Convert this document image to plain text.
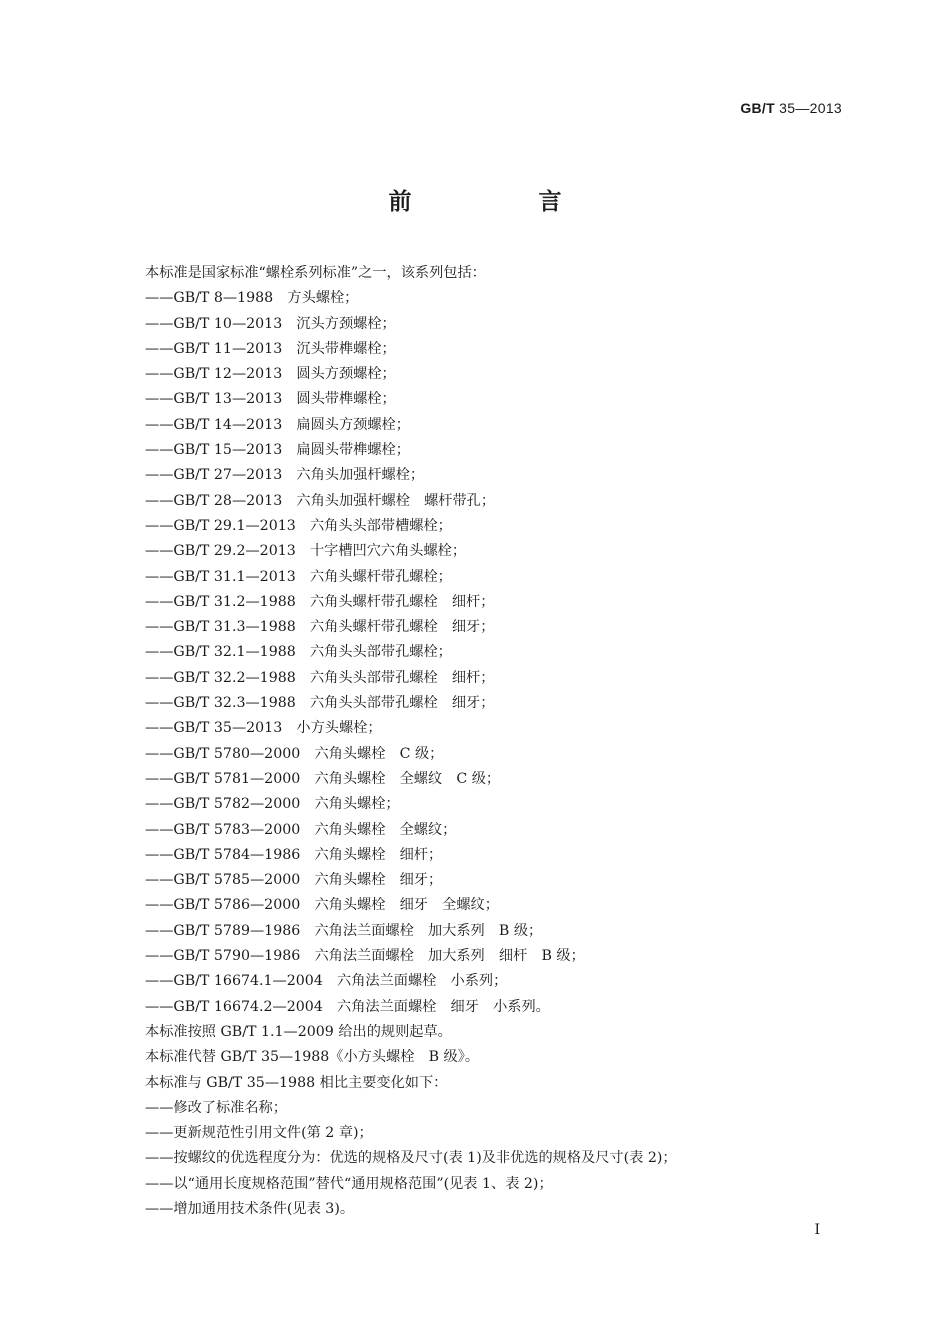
GB/T 35—2013
前　言
本标准是国家标准“螺栓系列标准”之一，该系列包括：
——GB/T 8—1988　方头螺栓；
——GB/T 10—2013　沉头方颈螺栓；
——GB/T 11—2013　沉头带榫螺栓；
——GB/T 12—2013　圆头方颈螺栓；
——GB/T 13—2013　圆头带榫螺栓；
——GB/T 14—2013　扁圆头方颈螺栓；
——GB/T 15—2013　扁圆头带榫螺栓；
——GB/T 27—2013　六角头加强杆螺栓；
——GB/T 28—2013　六角头加强杆螺栓　螺杆带孔；
——GB/T 29.1—2013　六角头头部带槽螺栓；
——GB/T 29.2—2013　十字槽凹穴六角头螺栓；
——GB/T 31.1—2013　六角头螺杆带孔螺栓；
——GB/T 31.2—1988　六角头螺杆带孔螺栓　细杆；
——GB/T 31.3—1988　六角头螺杆带孔螺栓　细牙；
——GB/T 32.1—1988　六角头头部带孔螺栓；
——GB/T 32.2—1988　六角头头部带孔螺栓　细杆；
——GB/T 32.3—1988　六角头头部带孔螺栓　细牙；
——GB/T 35—2013　小方头螺栓；
——GB/T 5780—2000　六角头螺栓　C 级；
——GB/T 5781—2000　六角头螺栓　全螺纹　C 级；
——GB/T 5782—2000　六角头螺栓；
——GB/T 5783—2000　六角头螺栓　全螺纹；
——GB/T 5784—1986　六角头螺栓　细杆；
——GB/T 5785—2000　六角头螺栓　细牙；
——GB/T 5786—2000　六角头螺栓　细牙　全螺纹；
——GB/T 5789—1986　六角法兰面螺栓　加大系列　B 级；
——GB/T 5790—1986　六角法兰面螺栓　加大系列　细杆　B 级；
——GB/T 16674.1—2004　六角法兰面螺栓　小系列；
——GB/T 16674.2—2004　六角法兰面螺栓　细牙　小系列。
本标准按照 GB/T 1.1—2009 给出的规则起草。
本标准代替 GB/T 35—1988《小方头螺栓　B 级》。
本标准与 GB/T 35—1988 相比主要变化如下：
——修改了标准名称；
——更新规范性引用文件(第 2 章)；
——按螺纹的优选程度分为：优选的规格及尺寸(表 1)及非优选的规格及尺寸(表 2)；
——以“通用长度规格范围”替代“通用规格范围”(见表 1、表 2)；
——增加通用技术条件(见表 3)。
I
